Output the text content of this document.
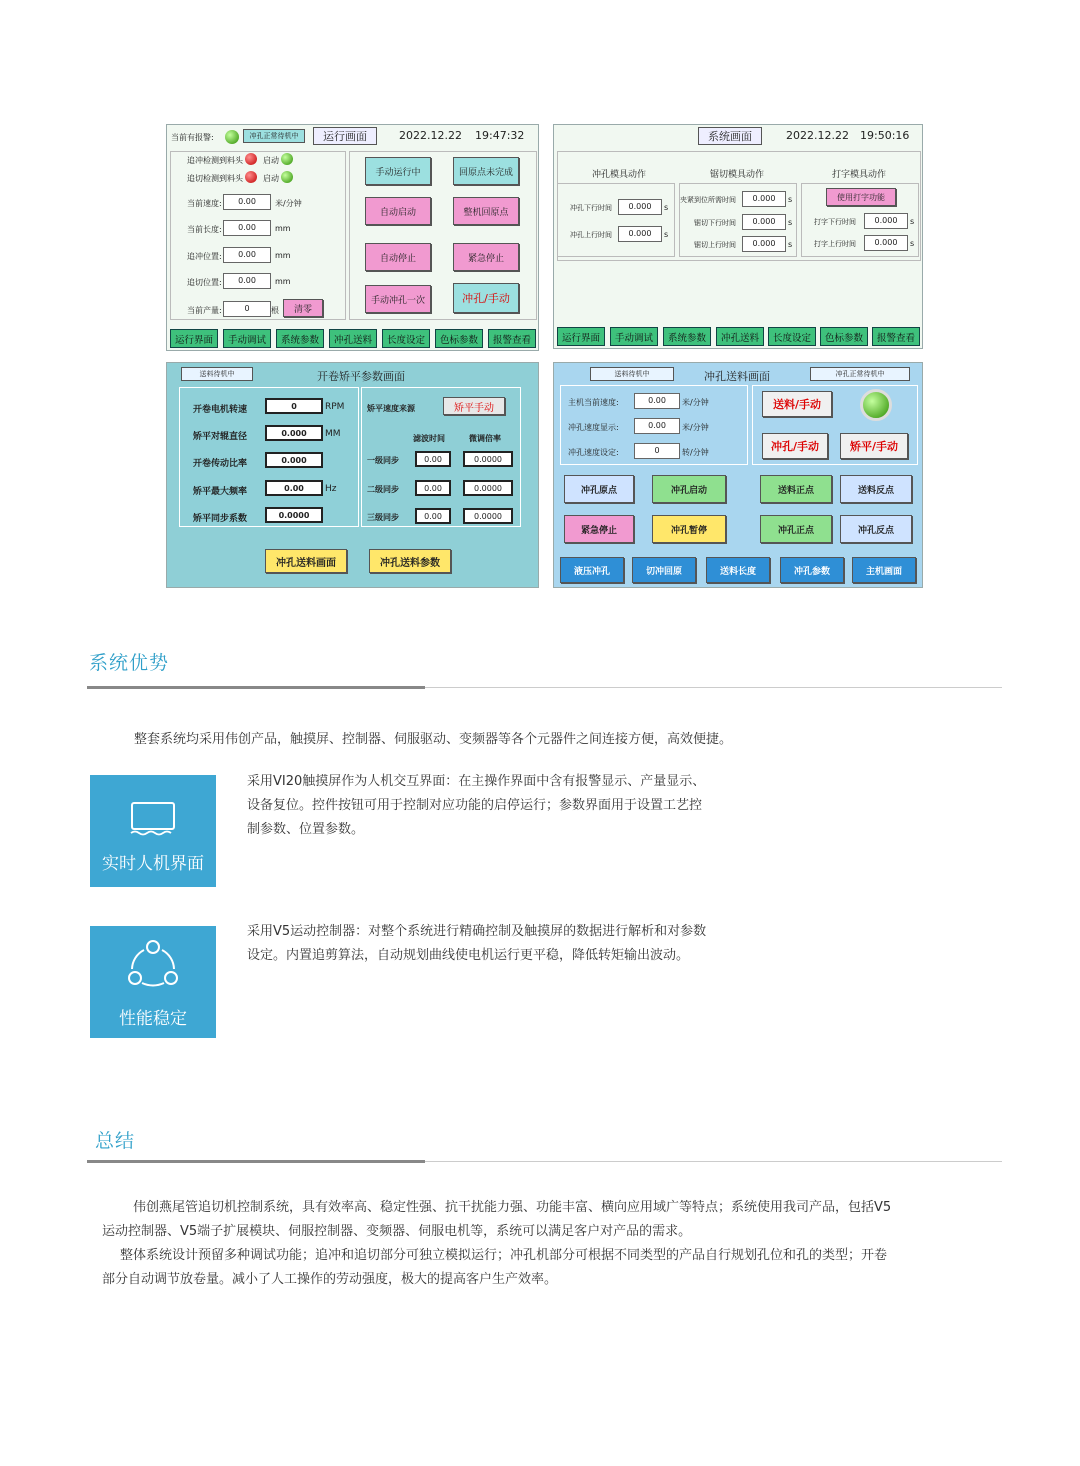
当前有报警:	冲孔正常待机中	运行画面	2022.12.22 19:47:32
追冲检测到料头	启动
追切检测到料头	启动
当前速度:	0.00	米/分钟
当前长度:	0.00	mm
追冲位置:	0.00	mm
追切位置:	0.00	mm
当前产量:	0	根	清零
手动运行中	回原点未完成
自动启动	整机回原点
自动停止	紧急停止
手动冲孔一次	冲孔/手动
运行界面	手动调试	系统参数	冲孔送料	长度设定	色标参数	报警查看
系统画面	2022.12.22 19:50:16
冲孔模具动作	锯切模具动作	打字模具动作
冲孔下行时间	0.000	s
冲孔上行时间	0.000	s
夹紧到位所需时间	0.000	s
锯切下行时间	0.000	s
锯切上行时间	0.000	s
使用打字功能
打字下行时间	0.000	s
打字上行时间	0.000	s
运行界面	手动调试	系统参数	冲孔送料	长度设定	色标参数	报警查看
送料待机中	开卷矫平参数画面
开卷电机转速	0	RPM
矫平对辊直径	0.000	MM
开卷传动比率	0.000
矫平最大频率	0.00	Hz
矫平同步系数	0.0000
矫平速度来源	矫平手动
滤波时间	微调倍率
一级同步	0.00	0.0000
二级同步	0.00	0.0000
三级同步	0.00	0.0000
冲孔送料画面	冲孔送料参数
送料待机中	冲孔送料画面	冲孔正常待机中
主机当前速度:	0.00	米/分钟
冲孔速度显示:	0.00	米/分钟
冲孔速度设定:	0	转/分钟
送料/手动
冲孔/手动	矫平/手动
冲孔原点	冲孔启动	送料正点	送料反点
紧急停止	冲孔暂停	冲孔正点	冲孔反点
液压冲孔	切冲回原	送料长度	冲孔参数	主机画面
系统优势
整套系统均采用伟创产品，触摸屏、控制器、伺服驱动、变频器等各个元器件之间连接方便，高效便捷。
实时人机界面
采用VI20触摸屏作为人机交互界面：在主操作界面中含有报警显示、产量显示、
设备复位。控件按钮可用于控制对应功能的启停运行；参数界面用于设置工艺控
制参数、位置参数。
性能稳定
采用V5运动控制器：对整个系统进行精确控制及触摸屏的数据进行解析和对参数
设定。内置追剪算法，自动规划曲线使电机运行更平稳，降低转矩输出波动。
总结
伟创燕尾管追切机控制系统，具有效率高、稳定性强、抗干扰能力强、功能丰富、横向应用域广等特点；系统使用我司产品，包括V5
运动控制器、V5端子扩展模块、伺服控制器、变频器、伺服电机等，系统可以满足客户对产品的需求。
整体系统设计预留多种调试功能；追冲和追切部分可独立模拟运行；冲孔机部分可根据不同类型的产品自行规划孔位和孔的类型；开卷
部分自动调节放卷量。减小了人工操作的劳动强度，极大的提高客户生产效率。
